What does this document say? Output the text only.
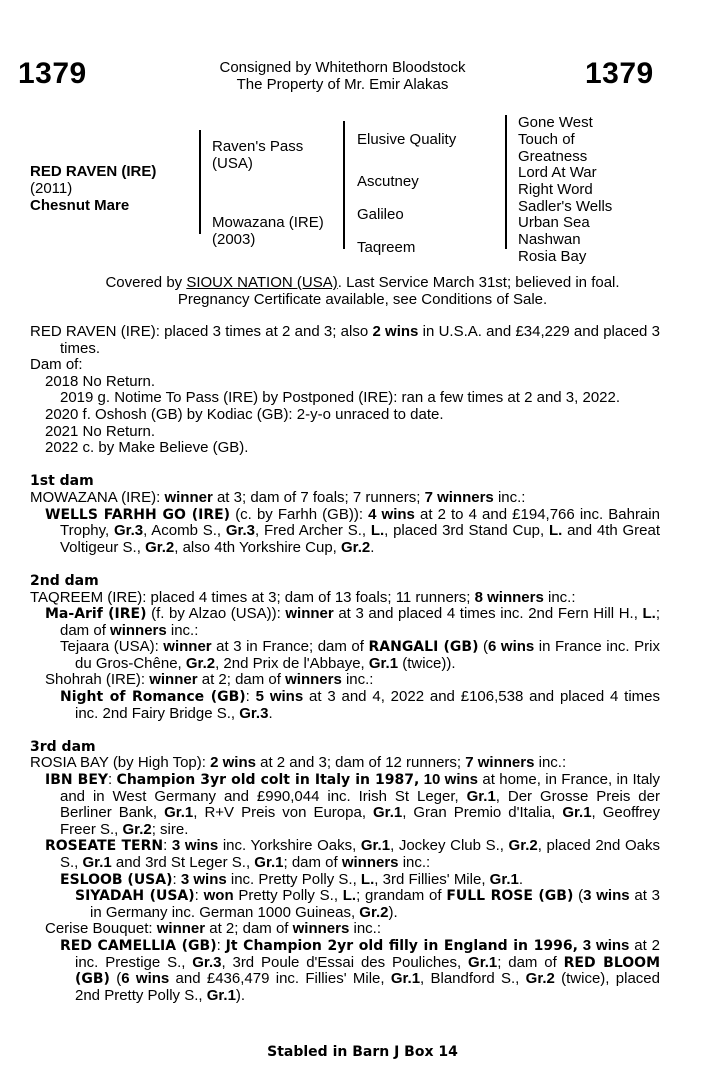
1379	1379
Consigned by Whitethorn Bloodstock
The Property of Mr. Emir Alakas
RED RAVEN (IRE)
(2011)
Chesnut Mare
Raven's Pass
(USA)
Mowazana (IRE)
(2003)
Elusive Quality
Ascutney
Galileo
Taqreem
Gone West
Touch of
Greatness
Lord At War
Right Word
Sadler's Wells
Urban Sea
Nashwan
Rosia Bay
Covered by SIOUX NATION (USA). Last Service March 31st; believed in foal.
Pregnancy Certificate available, see Conditions of Sale.

RED RAVEN (IRE): placed 3 times at 2 and 3; also 2 wins in U.S.A. and £34,229 and placed 3 times.

Dam of:

2018 No Return.

2019 g. Notime To Pass (IRE) by Postponed (IRE): ran a few times at 2 and 3, 2022.

2020 f. Oshosh (GB) by Kodiac (GB): 2-y-o unraced to date.

2021 No Return.

2022 c. by Make Believe (GB).

1st dam

MOWAZANA (IRE): winner at 3; dam of 7 foals; 7 runners; 7 winners inc.:

WELLS FARHH GO (IRE) (c. by Farhh (GB)): 4 wins at 2 to 4 and £194,766 inc. Bahrain Trophy, Gr.3, Acomb S., Gr.3, Fred Archer S., L., placed 3rd Stand Cup, L. and 4th Great Voltigeur S., Gr.2, also 4th Yorkshire Cup, Gr.2.

2nd dam

TAQREEM (IRE): placed 4 times at 3; dam of 13 foals; 11 runners; 8 winners inc.:

Ma-Arif (IRE) (f. by Alzao (USA)): winner at 3 and placed 4 times inc. 2nd Fern Hill H., L.; dam of winners inc.:

Tejaara (USA): winner at 3 in France; dam of RANGALI (GB) (6 wins in France inc. Prix du Gros-Chêne, Gr.2, 2nd Prix de l'Abbaye, Gr.1 (twice)).

Shohrah (IRE): winner at 2; dam of winners inc.:

Night of Romance (GB): 5 wins at 3 and 4, 2022 and £106,538 and placed 4 times inc. 2nd Fairy Bridge S., Gr.3.

3rd dam

ROSIA BAY (by High Top): 2 wins at 2 and 3; dam of 12 runners; 7 winners inc.:

IBN BEY: Champion 3yr old colt in Italy in 1987, 10 wins at home, in France, in Italy and in West Germany and £990,044 inc. Irish St Leger, Gr.1, Der Grosse Preis der Berliner Bank, Gr.1, R+V Preis von Europa, Gr.1, Gran Premio d'Italia, Gr.1, Geoffrey Freer S., Gr.2; sire.

ROSEATE TERN: 3 wins inc. Yorkshire Oaks, Gr.1, Jockey Club S., Gr.2, placed 2nd Oaks S., Gr.1 and 3rd St Leger S., Gr.1; dam of winners inc.:

ESLOOB (USA): 3 wins inc. Pretty Polly S., L., 3rd Fillies' Mile, Gr.1.

SIYADAH (USA): won Pretty Polly S., L.; grandam of FULL ROSE (GB) (3 wins at 3 in Germany inc. German 1000 Guineas, Gr.2).

Cerise Bouquet: winner at 2; dam of winners inc.:

RED CAMELLIA (GB): Jt Champion 2yr old filly in England in 1996, 3 wins at 2 inc. Prestige S., Gr.3, 3rd Poule d'Essai des Pouliches, Gr.1; dam of RED BLOOM (GB) (6 wins and £436,479 inc. Fillies' Mile, Gr.1, Blandford S., Gr.2 (twice), placed 2nd Pretty Polly S., Gr.1).

Stabled in Barn J Box 14
